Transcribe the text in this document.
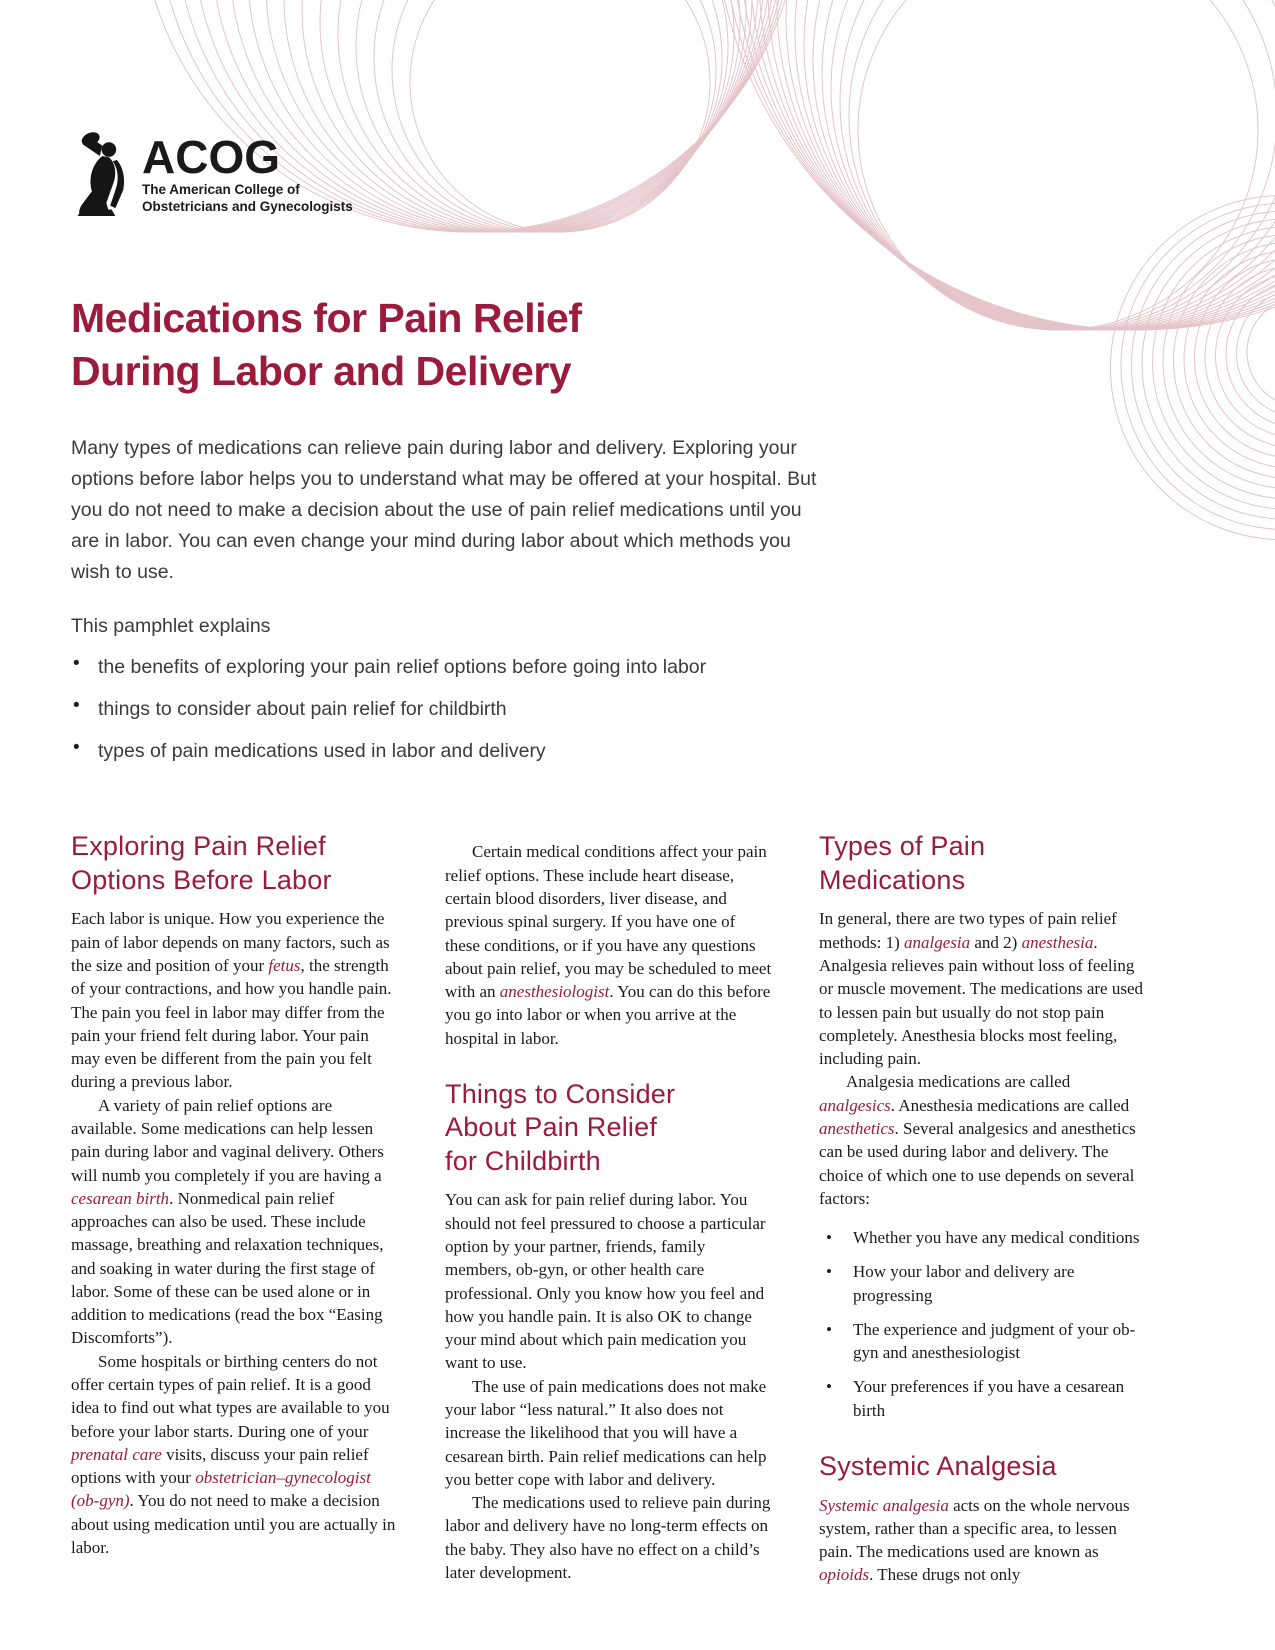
ACOG
The American College of
Obstetricians and Gynecologists
Medications for Pain Relief
During Labor and Delivery

Many types of medications can relieve pain during labor and delivery. Exploring your options before labor helps you to understand what may be offered at your hospital. But you do not need to make a decision about the use of pain relief medications until you are in labor. You can even change your mind during labor about which methods you wish to use.

This pamphlet explains

• the benefits of exploring your pain relief options before going into labor
• things to consider about pain relief for childbirth
• types of pain medications used in labor and delivery
Exploring Pain Relief
Options Before Labor

Each labor is unique. How you experience the pain of labor depends on many factors, such as the size and position of your fetus, the strength of your contractions, and how you handle pain. The pain you feel in labor may differ from the pain your friend felt during labor. Your pain may even be different from the pain you felt during a previous labor.

A variety of pain relief options are available. Some medications can help lessen pain during labor and vaginal delivery. Others will numb you completely if you are having a cesarean birth. Nonmedical pain relief approaches can also be used. These include massage, breathing and relaxation techniques, and soaking in water during the first stage of labor. Some of these can be used alone or in addition to medications (read the box “Easing Discomforts”).

Some hospitals or birthing centers do not offer certain types of pain relief. It is a good idea to find out what types are available to you before your labor starts. During one of your prenatal care visits, discuss your pain relief options with your obstetrician–gynecologist (ob-gyn). You do not need to make a decision about using medication until you are actually in labor.

Certain medical conditions affect your pain relief options. These include heart disease, certain blood disorders, liver disease, and previous spinal surgery. If you have one of these conditions, or if you have any questions about pain relief, you may be scheduled to meet with an anesthesiologist. You can do this before you go into labor or when you arrive at the hospital in labor.

Things to Consider
About Pain Relief
for Childbirth

You can ask for pain relief during labor. You should not feel pressured to choose a particular option by your partner, friends, family members, ob-gyn, or other health care professional. Only you know how you feel and how you handle pain. It is also OK to change your mind about which pain medication you want to use.

The use of pain medications does not make your labor “less natural.” It also does not increase the likelihood that you will have a cesarean birth. Pain relief medications can help you better cope with labor and delivery.

The medications used to relieve pain during labor and delivery have no long-term effects on the baby. They also have no effect on a child’s later development.

Types of Pain
Medications

In general, there are two types of pain relief methods: 1) analgesia and 2) anesthesia. Analgesia relieves pain without loss of feeling or muscle movement. The medications are used to lessen pain but usually do not stop pain completely. Anesthesia blocks most feeling, including pain.

Analgesia medications are called analgesics. Anesthesia medications are called anesthetics. Several analgesics and anesthetics can be used during labor and delivery. The choice of which one to use depends on several factors:

• Whether you have any medical conditions
• How your labor and delivery are progressing
• The experience and judgment of your ob-gyn and anesthesiologist
• Your preferences if you have a cesarean birth
Systemic Analgesia

Systemic analgesia acts on the whole nervous system, rather than a specific area, to lessen pain. The medications used are known as opioids. These drugs not only
